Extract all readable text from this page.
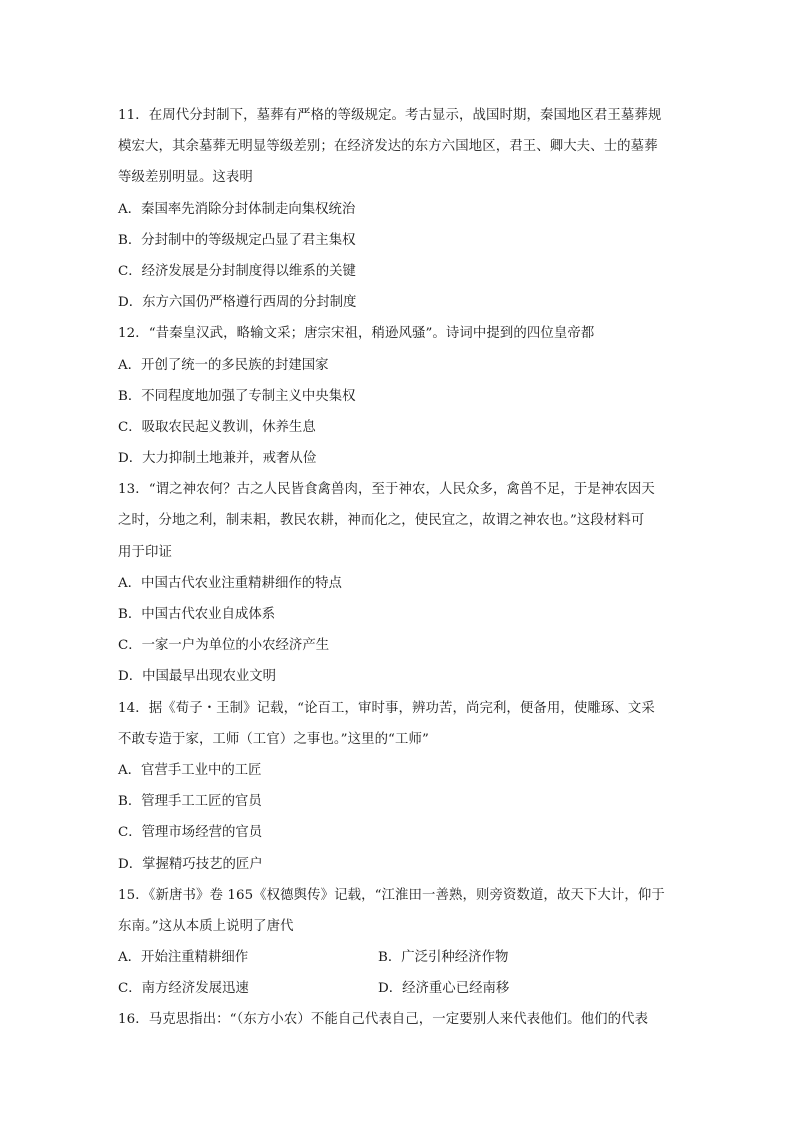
11．在周代分封制下，墓葬有严格的等级规定。考古显示，战国时期，秦国地区君王墓葬规
模宏大，其余墓葬无明显等级差别；在经济发达的东方六国地区，君王、卿大夫、士的墓葬
等级差别明显。这表明
A．秦国率先消除分封体制走向集权统治
B．分封制中的等级规定凸显了君主集权
C．经济发展是分封制度得以维系的关键
D．东方六国仍严格遵行西周的分封制度
12．“昔秦皇汉武，略输文采；唐宗宋祖，稍逊风骚”。诗词中提到的四位皇帝都
A．开创了统一的多民族的封建国家
B．不同程度地加强了专制主义中央集权
C．吸取农民起义教训，休养生息
D．大力抑制土地兼并，戒奢从俭
13．“谓之神农何？古之人民皆食禽兽肉，至于神农，人民众多，禽兽不足，于是神农因天
之时，分地之利，制耒耜，教民农耕，神而化之，使民宜之，故谓之神农也。”这段材料可
用于印证
A．中国古代农业注重精耕细作的特点
B．中国古代农业自成体系
C．一家一户为单位的小农经济产生
D．中国最早出现农业文明
14．据《荀子・王制》记载，“论百工，审时事，辨功苦，尚完利，便备用，使雕琢、文采
不敢专造于家，工师（工官）之事也。”这里的“工师”
A．官营手工业中的工匠
B．管理手工工匠的官员
C．管理市场经营的官员
D．掌握精巧技艺的匠户
15．《新唐书》卷 165《权德舆传》记载，“江淮田一善熟，则旁资数道，故天下大计，仰于
东南。”这从本质上说明了唐代
A．开始注重精耕细作	B．广泛引种经济作物
C．南方经济发展迅速	D．经济重心已经南移
16．马克思指出：“（东方小农）不能自己代表自己，一定要别人来代表他们。他们的代表
